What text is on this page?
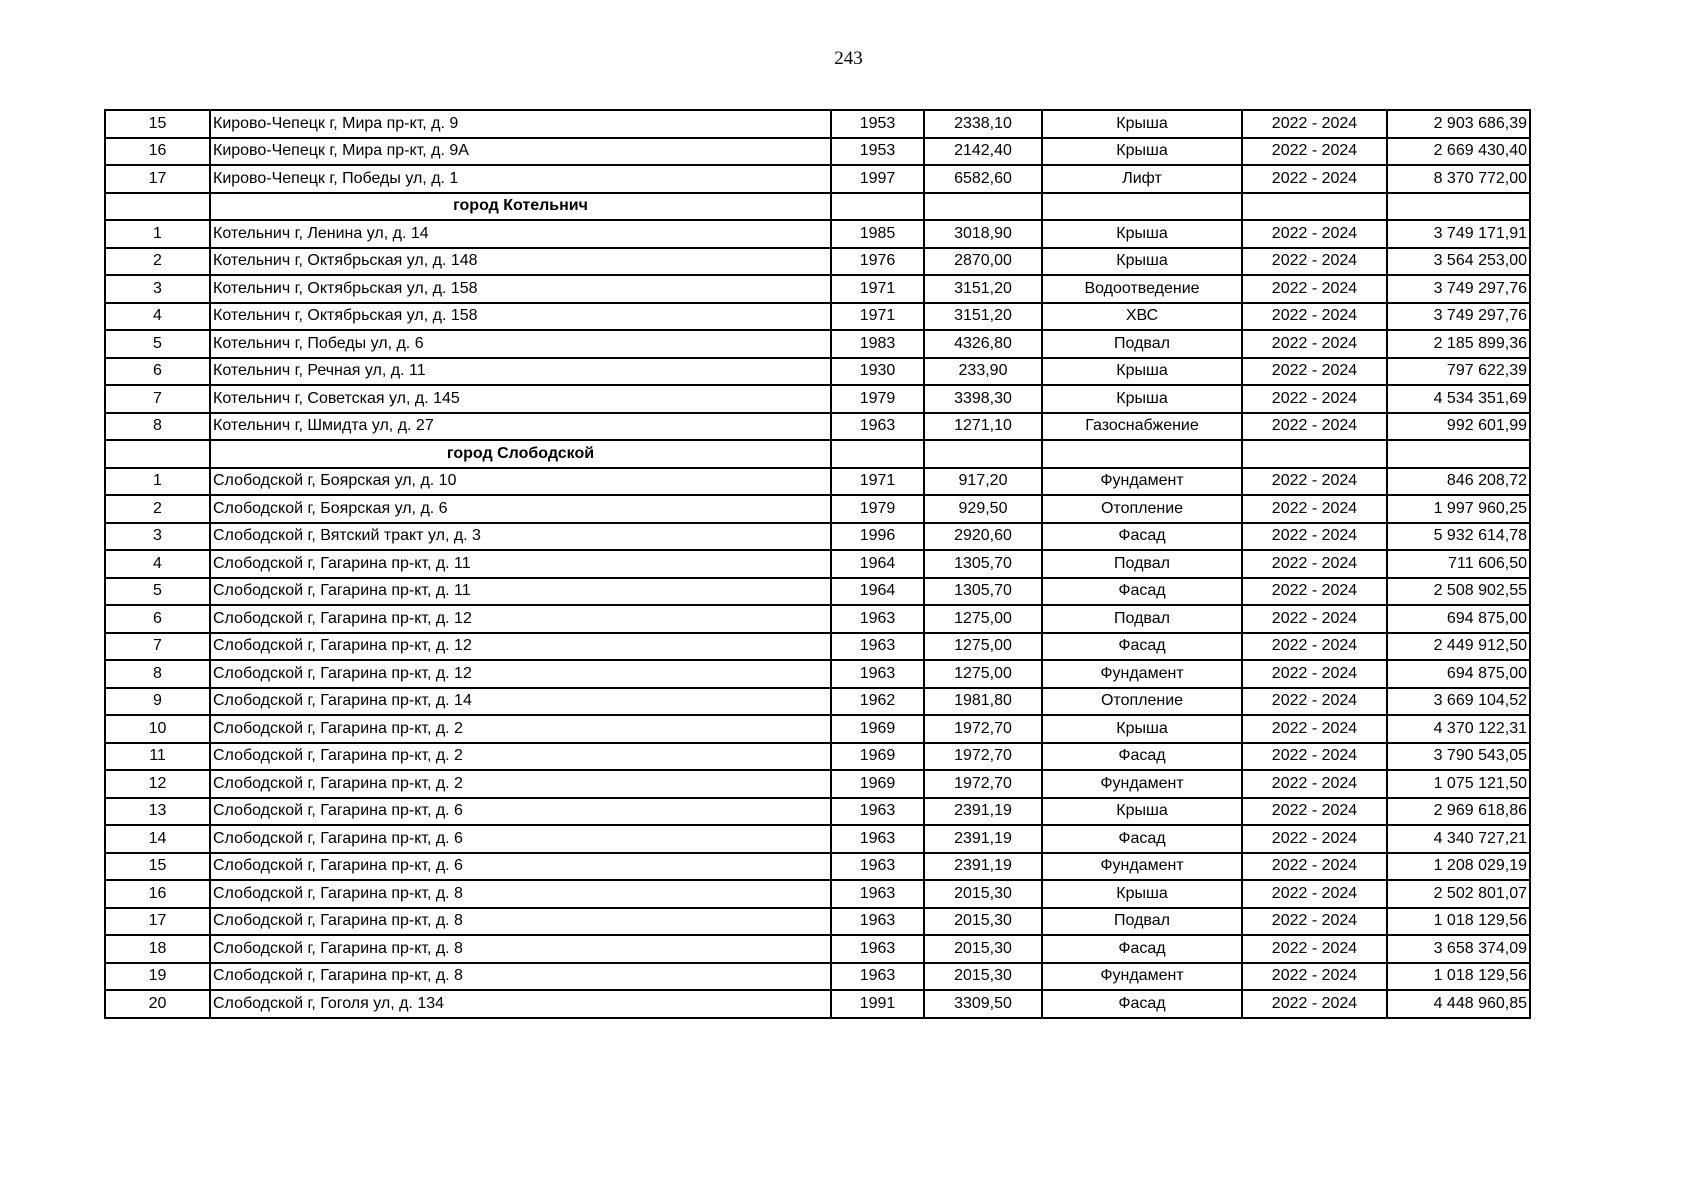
243
15	Кирово-Чепецк г, Мира пр-кт, д. 9	1953	2338,10	Крыша	2022 - 2024	2 903 686,39
16	Кирово-Чепецк г, Мира пр-кт, д. 9А	1953	2142,40	Крыша	2022 - 2024	2 669 430,40
17	Кирово-Чепецк г, Победы ул, д. 1	1997	6582,60	Лифт	2022 - 2024	8 370 772,00
	город Котельнич					
1	Котельнич г, Ленина ул, д. 14	1985	3018,90	Крыша	2022 - 2024	3 749 171,91
2	Котельнич г, Октябрьская ул, д. 148	1976	2870,00	Крыша	2022 - 2024	3 564 253,00
3	Котельнич г, Октябрьская ул, д. 158	1971	3151,20	Водоотведение	2022 - 2024	3 749 297,76
4	Котельнич г, Октябрьская ул, д. 158	1971	3151,20	ХВС	2022 - 2024	3 749 297,76
5	Котельнич г, Победы ул, д. 6	1983	4326,80	Подвал	2022 - 2024	2 185 899,36
6	Котельнич г, Речная ул, д. 11	1930	233,90	Крыша	2022 - 2024	797 622,39
7	Котельнич г, Советская ул, д. 145	1979	3398,30	Крыша	2022 - 2024	4 534 351,69
8	Котельнич г, Шмидта ул, д. 27	1963	1271,10	Газоснабжение	2022 - 2024	992 601,99
	город Слободской					
1	Слободской г, Боярская ул, д. 10	1971	917,20	Фундамент	2022 - 2024	846 208,72
2	Слободской г, Боярская ул, д. 6	1979	929,50	Отопление	2022 - 2024	1 997 960,25
3	Слободской г, Вятский тракт ул, д. 3	1996	2920,60	Фасад	2022 - 2024	5 932 614,78
4	Слободской г, Гагарина пр-кт, д. 11	1964	1305,70	Подвал	2022 - 2024	711 606,50
5	Слободской г, Гагарина пр-кт, д. 11	1964	1305,70	Фасад	2022 - 2024	2 508 902,55
6	Слободской г, Гагарина пр-кт, д. 12	1963	1275,00	Подвал	2022 - 2024	694 875,00
7	Слободской г, Гагарина пр-кт, д. 12	1963	1275,00	Фасад	2022 - 2024	2 449 912,50
8	Слободской г, Гагарина пр-кт, д. 12	1963	1275,00	Фундамент	2022 - 2024	694 875,00
9	Слободской г, Гагарина пр-кт, д. 14	1962	1981,80	Отопление	2022 - 2024	3 669 104,52
10	Слободской г, Гагарина пр-кт, д. 2	1969	1972,70	Крыша	2022 - 2024	4 370 122,31
11	Слободской г, Гагарина пр-кт, д. 2	1969	1972,70	Фасад	2022 - 2024	3 790 543,05
12	Слободской г, Гагарина пр-кт, д. 2	1969	1972,70	Фундамент	2022 - 2024	1 075 121,50
13	Слободской г, Гагарина пр-кт, д. 6	1963	2391,19	Крыша	2022 - 2024	2 969 618,86
14	Слободской г, Гагарина пр-кт, д. 6	1963	2391,19	Фасад	2022 - 2024	4 340 727,21
15	Слободской г, Гагарина пр-кт, д. 6	1963	2391,19	Фундамент	2022 - 2024	1 208 029,19
16	Слободской г, Гагарина пр-кт, д. 8	1963	2015,30	Крыша	2022 - 2024	2 502 801,07
17	Слободской г, Гагарина пр-кт, д. 8	1963	2015,30	Подвал	2022 - 2024	1 018 129,56
18	Слободской г, Гагарина пр-кт, д. 8	1963	2015,30	Фасад	2022 - 2024	3 658 374,09
19	Слободской г, Гагарина пр-кт, д. 8	1963	2015,30	Фундамент	2022 - 2024	1 018 129,56
20	Слободской г, Гоголя ул, д. 134	1991	3309,50	Фасад	2022 - 2024	4 448 960,85
